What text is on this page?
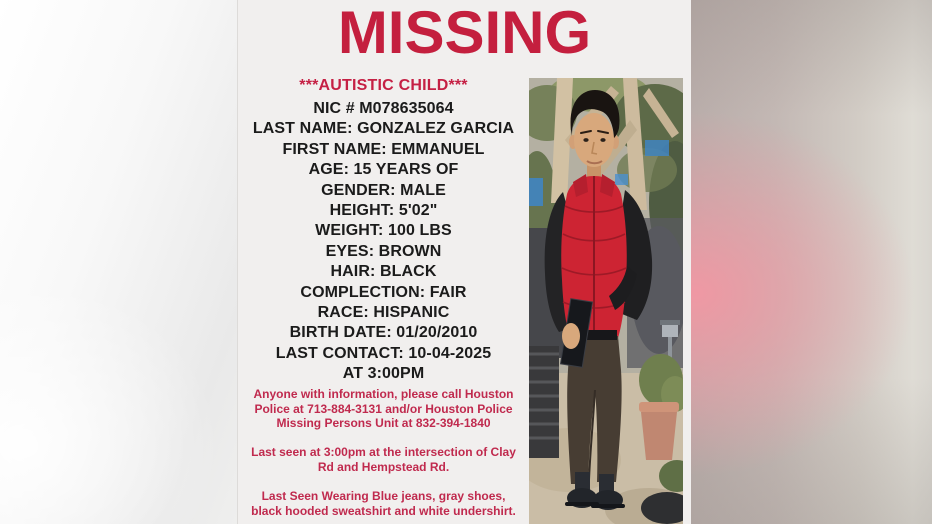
MISSING
***AUTISTIC CHILD***
NIC # M078635064
LAST NAME: GONZALEZ GARCIA
FIRST NAME: EMMANUEL
AGE: 15 YEARS OF
GENDER: MALE
HEIGHT: 5'02"
WEIGHT: 100 LBS
EYES: BROWN
HAIR: BLACK
COMPLECTION: FAIR
RACE: HISPANIC
BIRTH DATE: 01/20/2010
LAST CONTACT: 10-04-2025
AT 3:00PM
Anyone with information, please call Houston
Police at 713-884-3131 and/or Houston Police
Missing Persons Unit at 832-394-1840
Last seen at 3:00pm at the intersection of Clay
Rd and Hempstead Rd.
Last Seen Wearing Blue jeans, gray shoes,
black hooded sweatshirt and white undershirt.
